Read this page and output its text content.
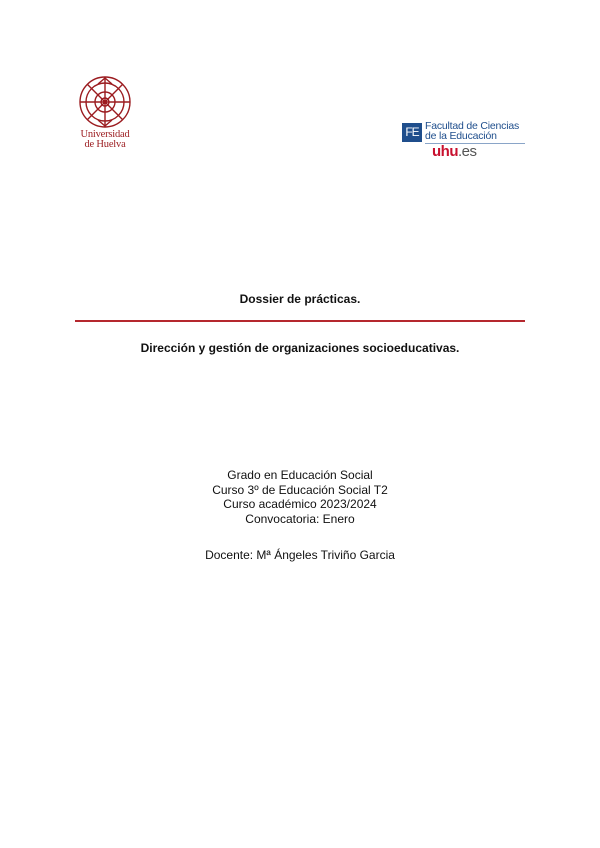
Universidad
de Huelva
FE Facultad de Ciencias
de la Educación
uhu.es
Dossier de prácticas.
Dirección y gestión de organizaciones socioeducativas.
Grado en Educación Social
Curso 3º de Educación Social T2
Curso académico 2023/2024
Convocatoria: Enero
Docente: Mª Ángeles Triviño Garcia
